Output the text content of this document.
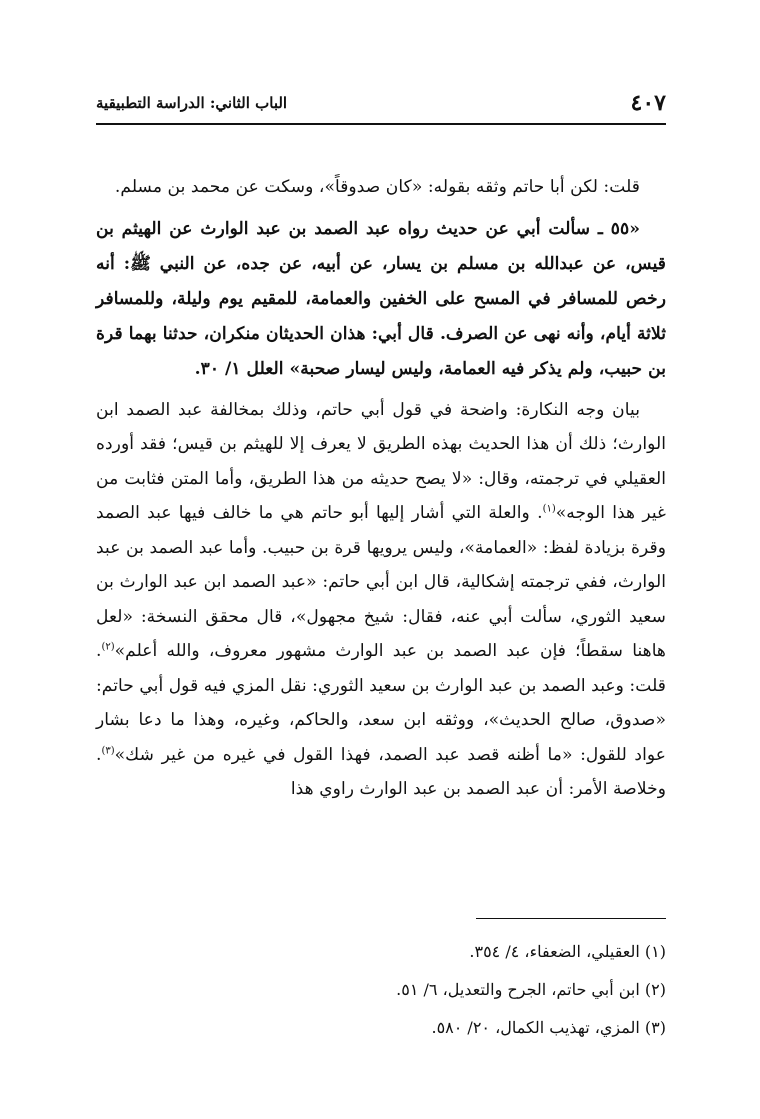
الباب الثاني: الدراسة التطبيقية	٤٠٧

قلت: لكن أبا حاتم وثقه بقوله: «كان صدوقاً»، وسكت عن محمد بن مسلم.

«٥٥ ـ سألت أبي عن حديث رواه عبد الصمد بن عبد الوارث عن الهيثم بن قيس، عن عبدالله بن مسلم بن يسار، عن أبيه، عن جده، عن النبي ﷺ: أنه رخص للمسافر في المسح على الخفين والعمامة، للمقيم يوم وليلة، وللمسافر ثلاثة أيام، وأنه نهى عن الصرف. قال أبي: هذان الحديثان منكران، حدثنا بهما قرة بن حبيب، ولم يذكر فيه العمامة، وليس ليسار صحبة» العلل ١/ ٣٠.

بيان وجه النكارة: واضحة في قول أبي حاتم، وذلك بمخالفة عبد الصمد ابن الوارث؛ ذلك أن هذا الحديث بهذه الطريق لا يعرف إلا للهيثم بن قيس؛ فقد أورده العقيلي في ترجمته، وقال: «لا يصح حديثه من هذا الطريق، وأما المتن فثابت من غير هذا الوجه»$^{(١)}$. والعلة التي أشار إليها أبو حاتم هي ما خالف فيها عبد الصمد وقرة بزيادة لفظ: «العمامة»، وليس يرويها قرة بن حبيب. وأما عبد الصمد بن عبد الوارث، ففي ترجمته إشكالية، قال ابن أبي حاتم: «عبد الصمد ابن عبد الوارث بن سعيد الثوري، سألت أبي عنه، فقال: شيخ مجهول»، قال محقق النسخة: «لعل هاهنا سقطاً؛ فإن عبد الصمد بن عبد الوارث مشهور معروف، والله أعلم»$^{(٢)}$. قلت: وعبد الصمد بن عبد الوارث بن سعيد الثوري: نقل المزي فيه قول أبي حاتم: «صدوق، صالح الحديث»، ووثقه ابن سعد، والحاكم، وغيره، وهذا ما دعا بشار عواد للقول: «ما أظنه قصد عبد الصمد، فهذا القول في غيره من غير شك»$^{(٣)}$. وخلاصة الأمر: أن عبد الصمد بن عبد الوارث راوي هذا

(١) العقيلي، الضعفاء، ٤/ ٣٥٤.
(٢) ابن أبي حاتم، الجرح والتعديل، ٦/ ٥١.
(٣) المزي، تهذيب الكمال، ٢٠/ ٥٨٠.
